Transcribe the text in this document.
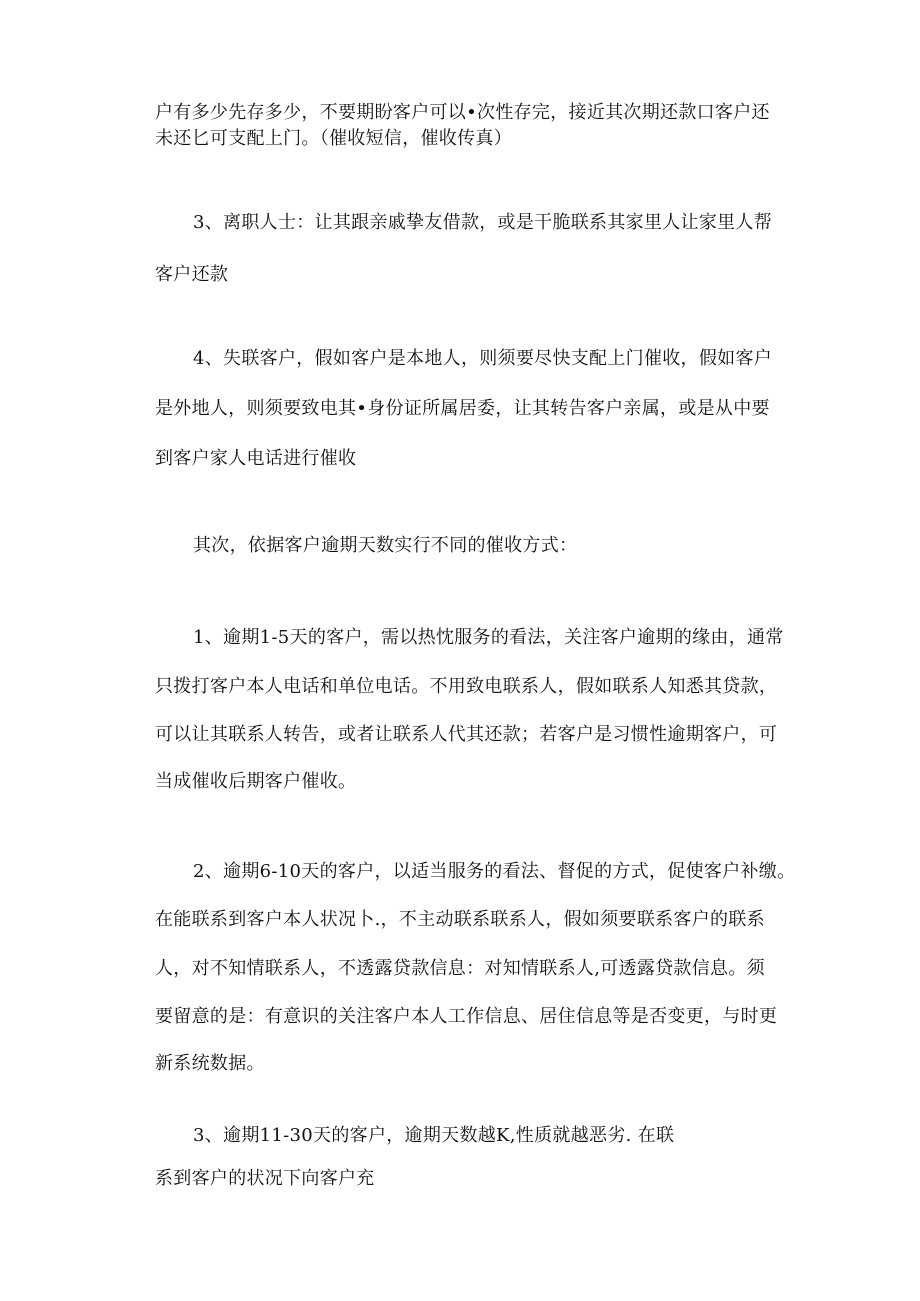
户有多少先存多少，不要期盼客户可以•次性存完，接近其次期还款口客户还
未还匕可支配上门。（催收短信，催收传真）
3、离职人士：让其跟亲戚挚友借款，或是干脆联系其家里人让家里人帮
客户还款
4、失联客户，假如客户是本地人，则须要尽快支配上门催收，假如客户
是外地人，则须要致电其•身份证所属居委，让其转告客户亲属，或是从中要
到客户家人电话进行催收
其次，依据客户逾期天数实行不同的催收方式：
1、逾期1-5天的客户，需以热忱服务的看法，关注客户逾期的缘由，通常
只拨打客户本人电话和单位电话。不用致电联系人，假如联系人知悉其贷款，
可以让其联系人转告，或者让联系人代其还款；若客户是习惯性逾期客户，可
当成催收后期客户催收。
2、逾期6-10天的客户，以适当服务的看法、督促的方式，促使客户补缴。
在能联系到客户本人状况卜.，不主动联系联系人，假如须要联系客户的联系
人，对不知情联系人，不透露贷款信息：对知情联系人,可透露贷款信息。须
要留意的是：有意识的关注客户本人工作信息、居住信息等是否变更，与时更
新系统数据。
3、逾期11-30天的客户，逾期天数越K,性质就越恶劣. 在联
系到客户的状况下向客户充
